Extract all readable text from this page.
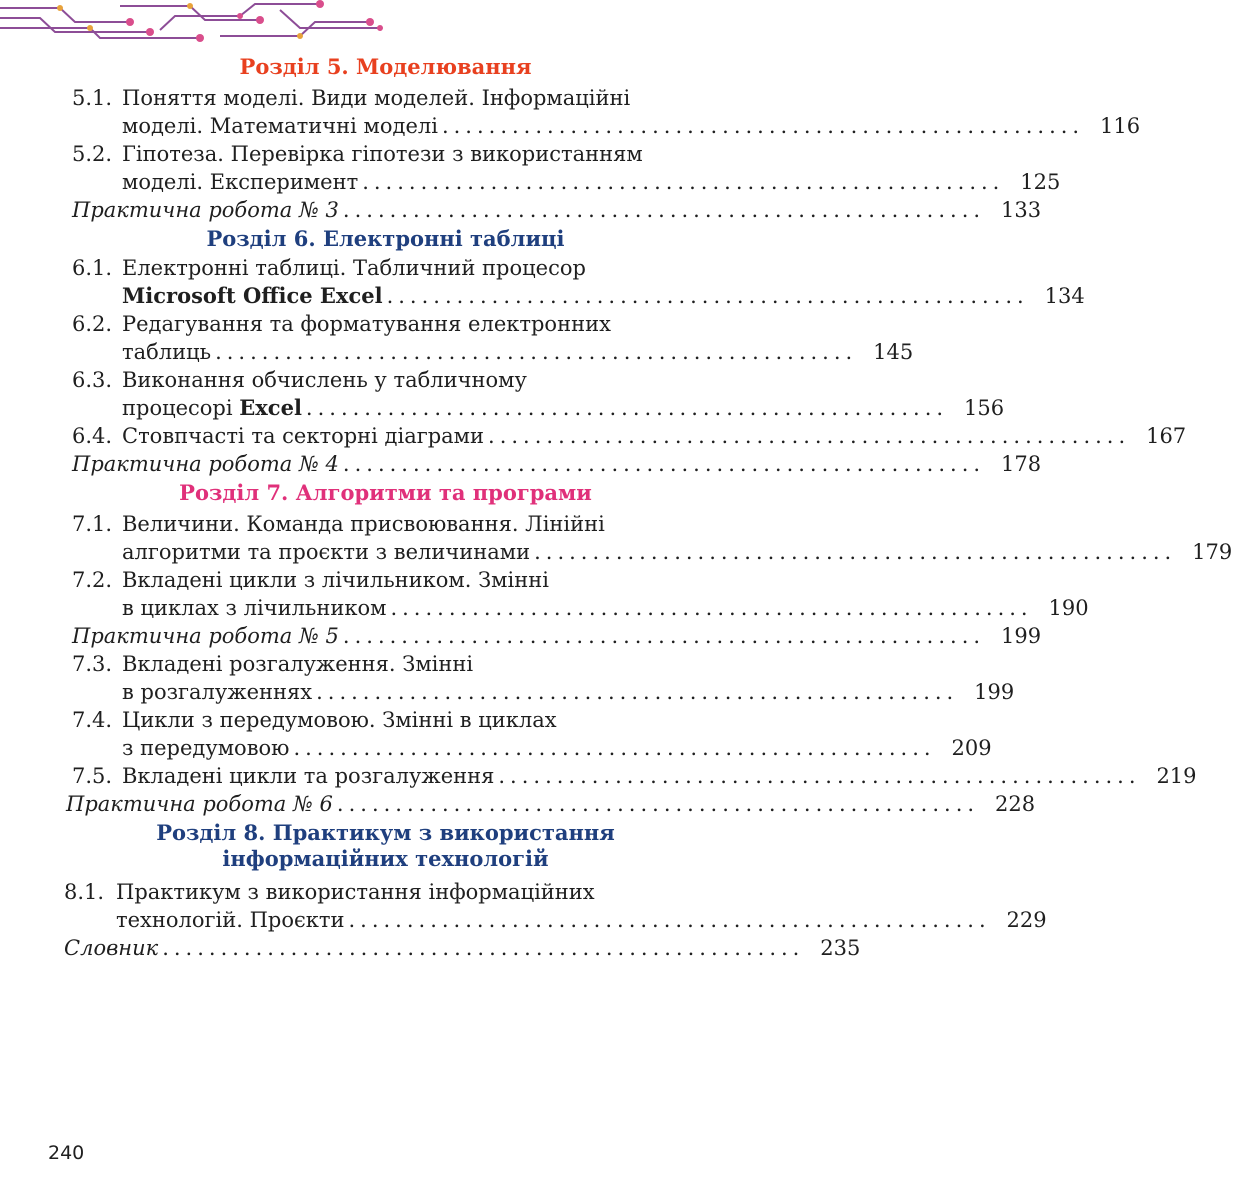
Розділ 5. Моделювання

5.1. Поняття моделі. Види моделей. Інформаційні
моделі. Математичні моделі ....................................................... 116
5.2. Гіпотеза. Перевірка гіпотези з використанням
моделі. Експеримент ....................................................... 125
Практична робота № 3 ....................................................... 133

Розділ 6. Електронні таблиці

6.1. Електронні таблиці. Табличний процесор
Microsoft Office Excel ....................................................... 134
6.2. Редагування та форматування електронних
таблиць ....................................................... 145
6.3. Виконання обчислень у табличному
процесорі Excel ....................................................... 156
6.4. Стовпчасті та секторні діаграми ....................................................... 167
Практична робота № 4 ....................................................... 178

Розділ 7. Алгоритми та програми

7.1. Величини. Команда присвоювання. Лінійні
алгоритми та проєкти з величинами ....................................................... 179
7.2. Вкладені цикли з лічильником. Змінні
в циклах з лічильником ....................................................... 190
Практична робота № 5 ....................................................... 199
7.3. Вкладені розгалуження. Змінні
в розгалуженнях ....................................................... 199
7.4. Цикли з передумовою. Змінні в циклах
з передумовою ....................................................... 209
7.5. Вкладені цикли та розгалуження ....................................................... 219
Практична робота № 6 ....................................................... 228

Розділ 8. Практикум з використання

інформаційних технологій

8.1. Практикум з використання інформаційних
технологій. Проєкти ....................................................... 229
Словник ....................................................... 235
240
